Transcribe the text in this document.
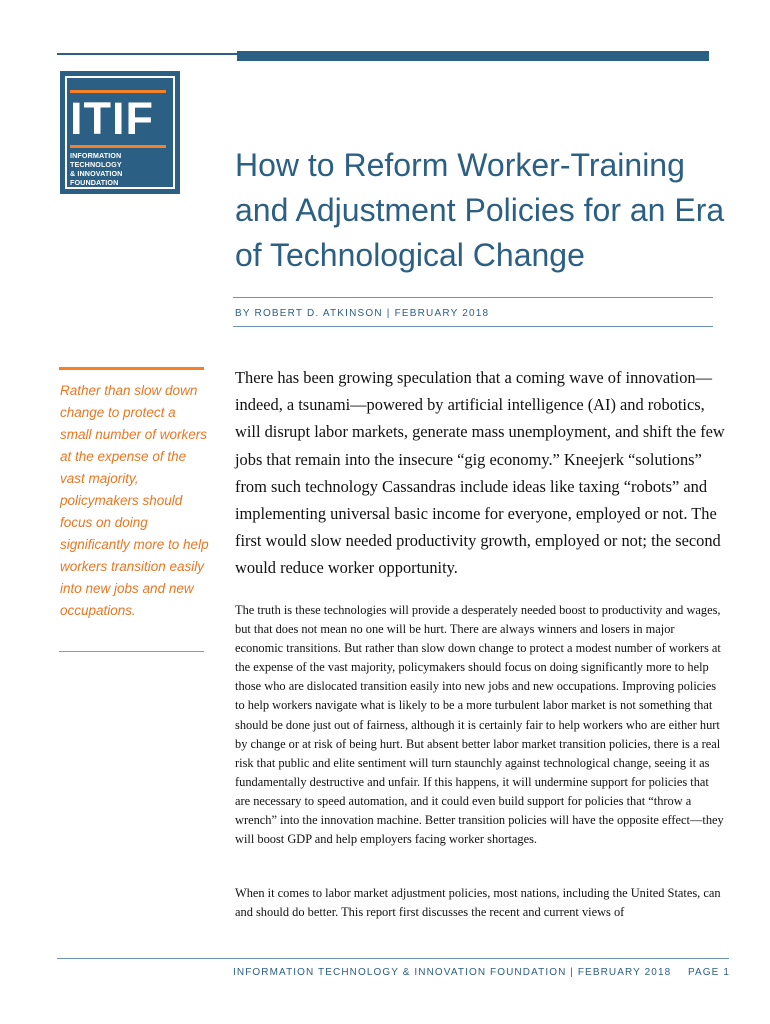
ITIF
INFORMATION TECHNOLOGY
& INNOVATION FOUNDATION	How to Reform Worker-Training and Adjustment Policies for an Era of Technological Change
BY ROBERT D. ATKINSON | FEBRUARY 2018
Rather than slow down change to protect a small number of workers at the expense of the vast majority, policymakers should focus on doing significantly more to help workers transition easily into new jobs and new occupations.
There has been growing speculation that a coming wave of innovation—indeed, a tsunami—powered by artificial intelligence (AI) and robotics, will disrupt labor markets, generate mass unemployment, and shift the few jobs that remain into the insecure “gig economy.” Kneejerk “solutions” from such technology Cassandras include ideas like taxing “robots” and implementing universal basic income for everyone, employed or not. The first would slow needed productivity growth, employed or not; the second would reduce worker opportunity.
The truth is these technologies will provide a desperately needed boost to productivity and wages, but that does not mean no one will be hurt. There are always winners and losers in major economic transitions. But rather than slow down change to protect a modest number of workers at the expense of the vast majority, policymakers should focus on doing significantly more to help those who are dislocated transition easily into new jobs and new occupations. Improving policies to help workers navigate what is likely to be a more turbulent labor market is not something that should be done just out of fairness, although it is certainly fair to help workers who are either hurt by change or at risk of being hurt. But absent better labor market transition policies, there is a real risk that public and elite sentiment will turn staunchly against technological change, seeing it as fundamentally destructive and unfair. If this happens, it will undermine support for policies that are necessary to speed automation, and it could even build support for policies that “throw a wrench” into the innovation machine. Better transition policies will have the opposite effect—they will boost GDP and help employers facing worker shortages.
When it comes to labor market adjustment policies, most nations, including the United States, can and should do better. This report first discusses the recent and current views of
INFORMATION TECHNOLOGY & INNOVATION FOUNDATION | FEBRUARY 2018 PAGE 1
